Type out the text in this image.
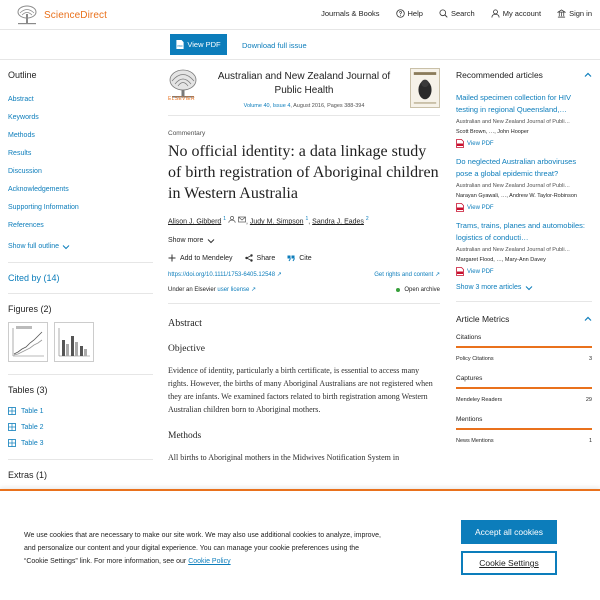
ScienceDirect	Journals & Books	Help	Search	My account	Sign in
PDF View PDF	Download full issue
Outline
Abstract
Keywords
Methods
Results
Discussion
Acknowledgements
Supporting Information
References
Show full outline
Cited by (14)
Figures (2)
Tables (3)
Table 1
Table 2
Table 3
Extras (1)
ELSEVIER
Australian and New Zealand Journal of Public Health
Volume 40, Issue 4, August 2016, Pages 388-394
Commentary
No official identity: a data linkage study of birth registration of Aboriginal children in Western Australia
Alison J. Gibberd $^1$	, Judy M. Simpson $^1$, Sandra J. Eades $^2$
Show more
Add to Mendeley	Share	Cite
https://doi.org/10.1111/1753-6405.12548 ↗	Get rights and content ↗
Under an Elsevier user license ↗	Open archive
Abstract
Objective

Evidence of identity, particularly a birth certificate, is essential to access many rights. However, the births of many Aboriginal Australians are not registered when they are infants. We examined factors related to birth registration among Western Australian children born to Aboriginal mothers.

Methods

All births to Aboriginal mothers in the Midwives Notification System in

Recommended articles
Mailed specimen collection for HIV testing in regional Queensland,…
Australian and New Zealand Journal of Publi…
Scott Brown, …, John Hooper
View PDF
Do neglected Australian arboviruses pose a global epidemic threat?
Australian and New Zealand Journal of Publi…
Narayan Gyawali, …, Andrew W. Taylor-Robinson
View PDF
Trams, trains, planes and automobiles: logistics of conducti…
Australian and New Zealand Journal of Publi…
Margaret Flood, …, Mary-Ann Davey
View PDF
Show 3 more articles
Article Metrics
Citations
Policy Citations	3
Captures
Mendeley Readers	29
Mentions
News Mentions	1
We use cookies that are necessary to make our site work. We may also use additional cookies to analyze, improve, and personalize our content and your digital experience. You can manage your cookie preferences using the “Cookie Settings” link. For more information, see our Cookie Policy
Accept all cookies
Cookie Settings
